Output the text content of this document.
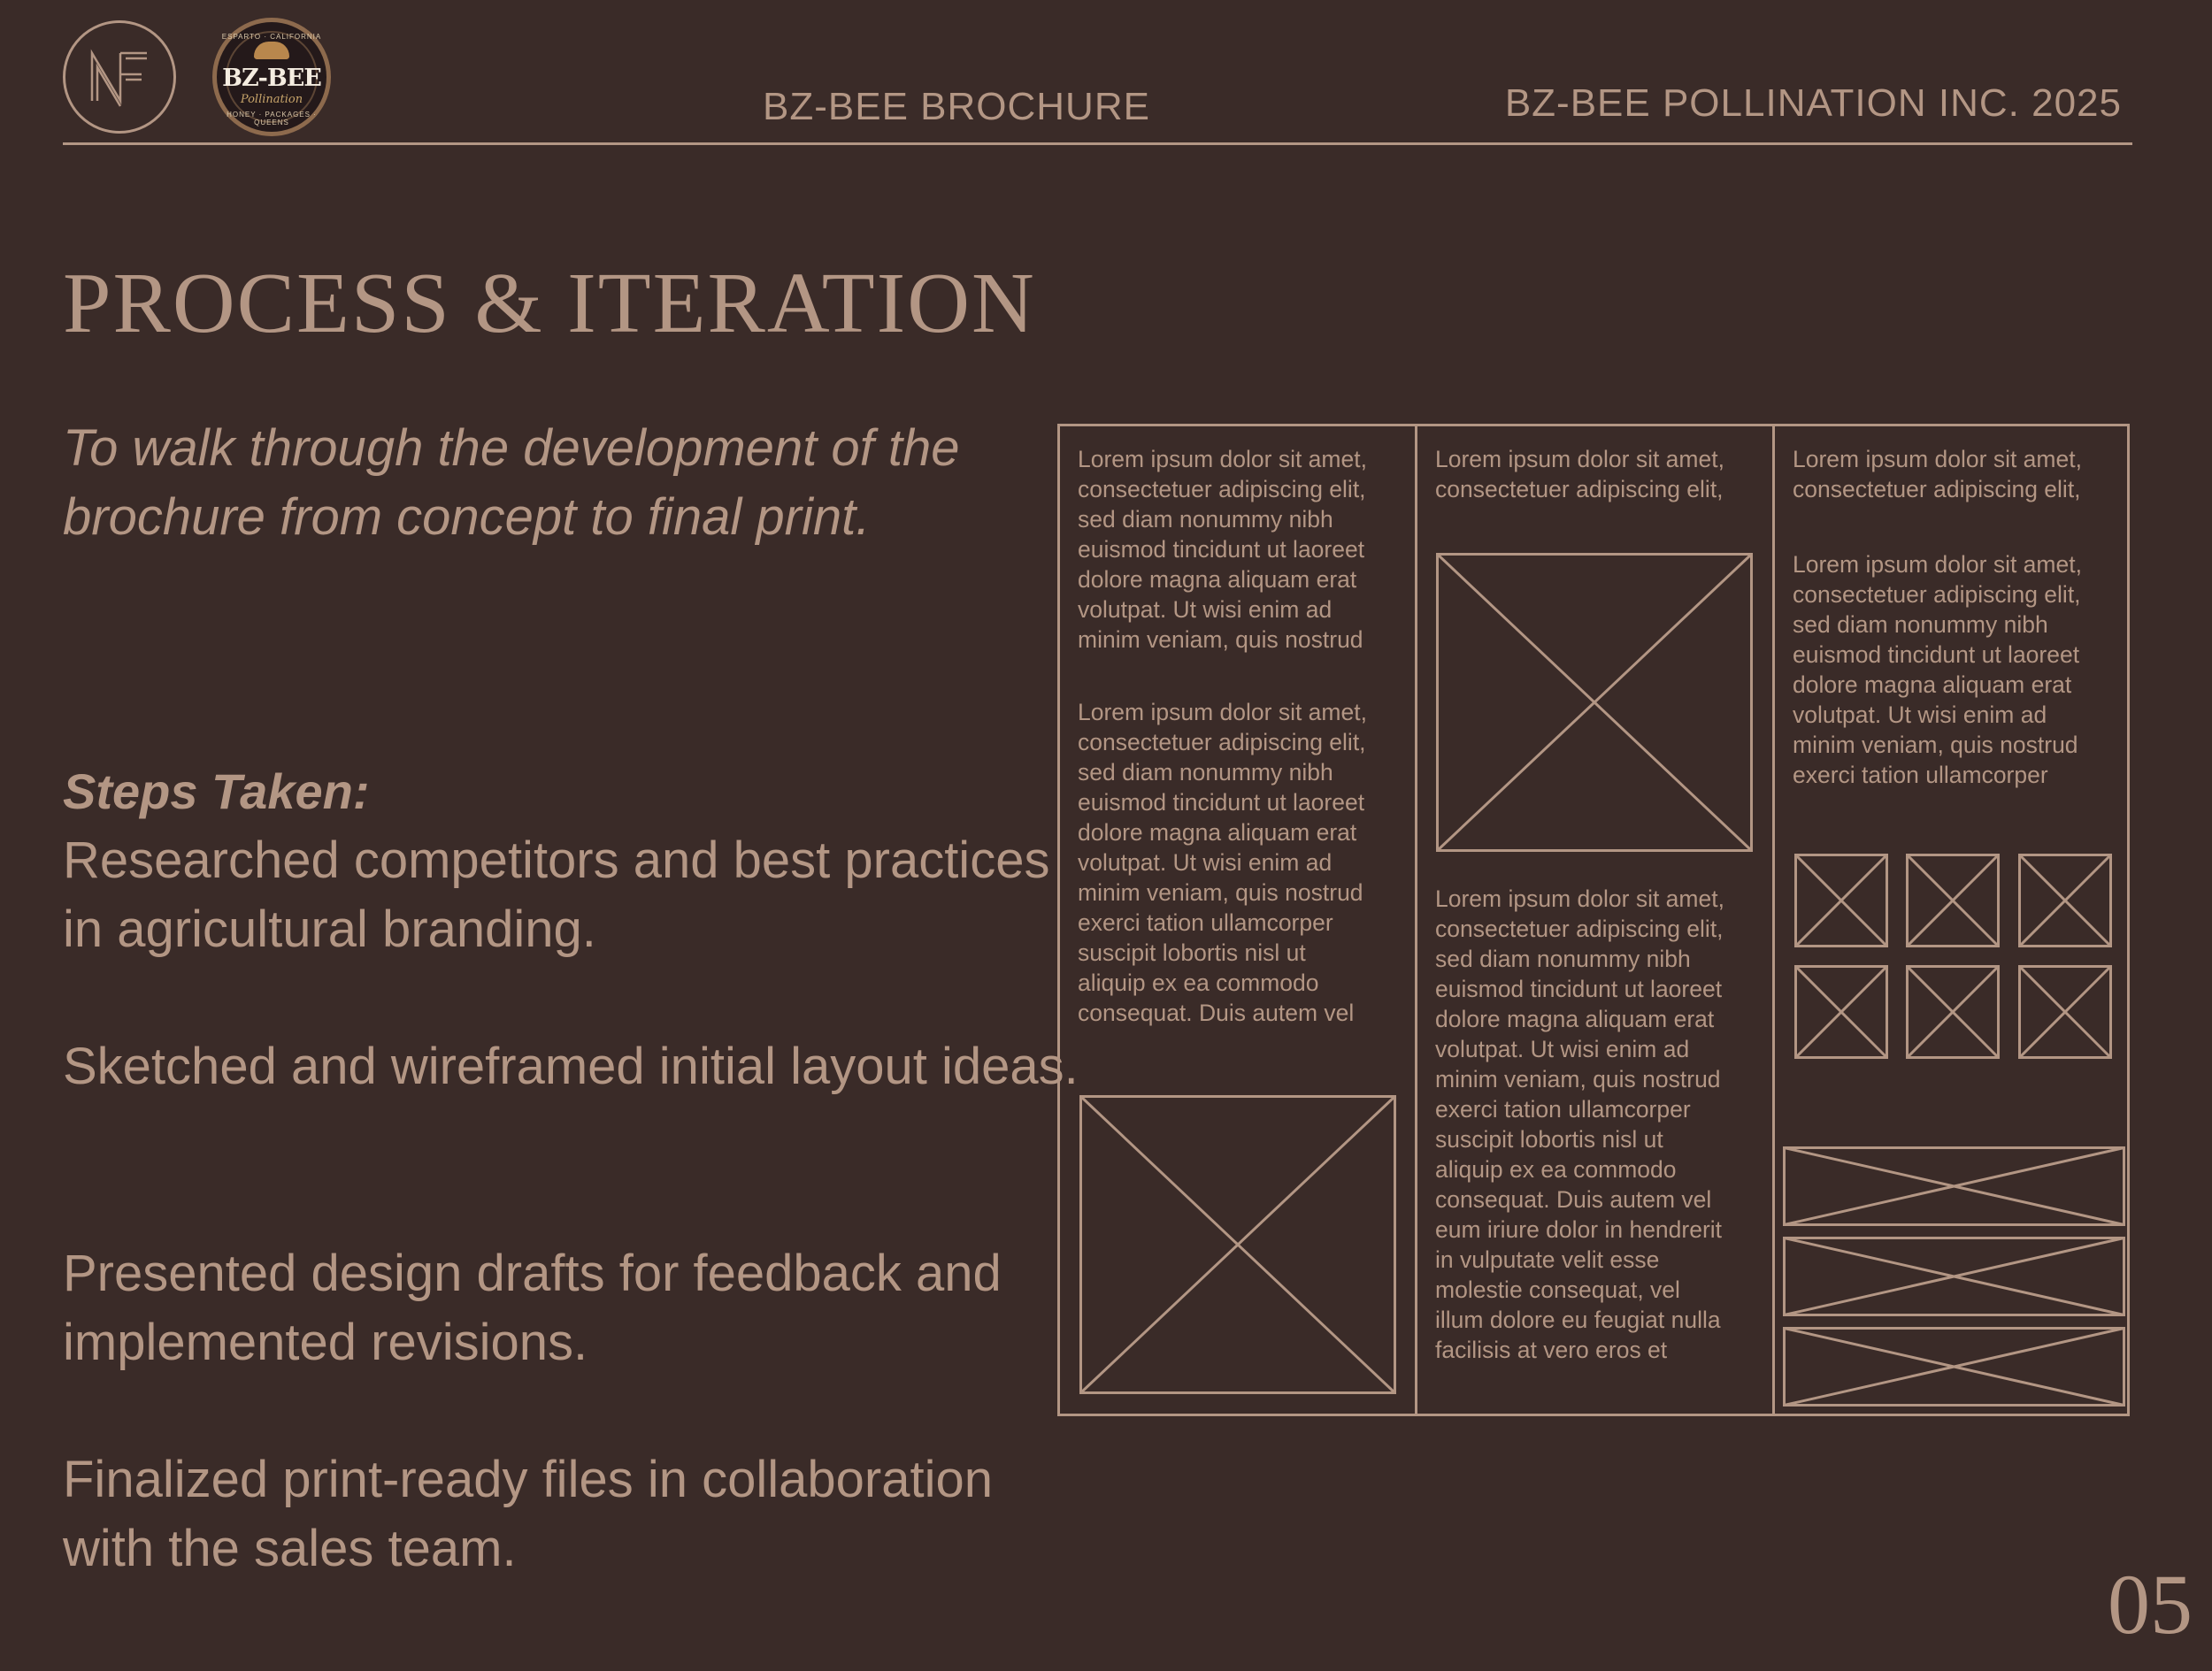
ESPARTO · CALIFORNIA
BZ-BEE
Pollination
HONEY · PACKAGES · QUEENS	BZ-BEE BROCHURE	BZ-BEE POLLINATION INC. 2025
PROCESS & ITERATION
To walk through the development of the brochure from concept to final print.
Steps Taken:
Researched competitors and best practices in agricultural branding.
Sketched and wireframed initial layout ideas.
Presented design drafts for feedback and implemented revisions.
Finalized print-ready files in collaboration with the sales team.
Lorem ipsum dolor sit amet,
consectetuer adipiscing elit,
sed diam nonummy nibh
euismod tincidunt ut laoreet
dolore magna aliquam erat
volutpat. Ut wisi enim ad
minim veniam, quis nostrud
Lorem ipsum dolor sit amet,
consectetuer adipiscing elit,
sed diam nonummy nibh
euismod tincidunt ut laoreet
dolore magna aliquam erat
volutpat. Ut wisi enim ad
minim veniam, quis nostrud
exerci tation ullamcorper
suscipit lobortis nisl ut
aliquip ex ea commodo
consequat. Duis autem vel
Lorem ipsum dolor sit amet,
consectetuer adipiscing elit,
Lorem ipsum dolor sit amet,
consectetuer adipiscing elit,
sed diam nonummy nibh
euismod tincidunt ut laoreet
dolore magna aliquam erat
volutpat. Ut wisi enim ad
minim veniam, quis nostrud
exerci tation ullamcorper
suscipit lobortis nisl ut
aliquip ex ea commodo
consequat. Duis autem vel
eum iriure dolor in hendrerit
in vulputate velit esse
molestie consequat, vel
illum dolore eu feugiat nulla
facilisis at vero eros et
Lorem ipsum dolor sit amet,
consectetuer adipiscing elit,
Lorem ipsum dolor sit amet,
consectetuer adipiscing elit,
sed diam nonummy nibh
euismod tincidunt ut laoreet
dolore magna aliquam erat
volutpat. Ut wisi enim ad
minim veniam, quis nostrud
exerci tation ullamcorper
05
